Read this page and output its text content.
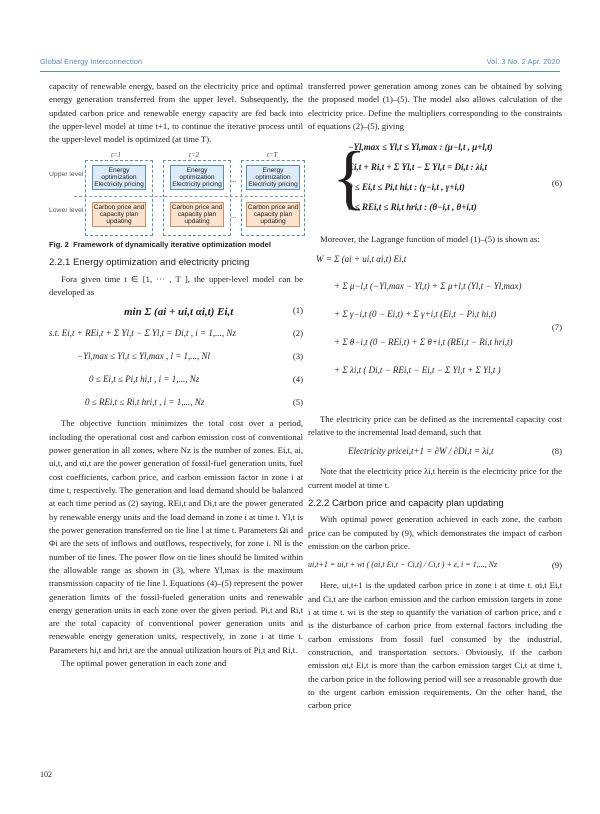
Global Energy Interconnection	Vol. 3 No. 2 Apr. 2020

capacity of renewable energy, based on the electricity price and optimal energy generation transferred from the upper level. Subsequently, the updated carbon price and renewable energy capacity are fed back into the upper-level model at time t+1, to continue the iterative process until the upper-level model is optimized (at time T).

t=1	t=2	t=T
Upper level
Lower level
Energy optimization Electricity pricing
Energy optimization Electricity pricing
Energy optimization Electricity pricing
Carbon price and capacity plan updating
Carbon price and capacity plan updating
Carbon price and capacity plan updating
...
...
Fig. 2 Framework of dynamically iterative optimization model
2.2.1 Energy optimization and electricity pricing

Fora given time t ∈ [1, ··· , T ], the upper-level model can be developed as

min Σ (ai + ui,t αi,t) Ei,t	(1)
s.t. Ei,t + REi,t + Σ Yl,t − Σ Yl,t = Di,t , i = 1,..., Nz	(2)
−Yl,max ≤ Yl,t ≤ Yl,max , l = 1,..., Nl	(3)
0 ≤ Ei,t ≤ Pi,t hi,t , i = 1,..., Nz	(4)
0 ≤ REi,t ≤ Ri,t hri,t , i = 1,..., Nz	(5)

The objective function minimizes the total cost over a period, including the operational cost and carbon emission cost of conventional power generation in all zones, where Nz is the number of zones. Ei,t, ai, ui,t, and αi,t are the power generation of fossil-fuel generation units, fuel cost coefficients, carbon price, and carbon emission factor in zone i at time t, respectively. The generation and load demand should be balanced at each time period as (2) saying. REi,t and Di,t are the power generated by renewable energy units and the load demand in zone i at time t. Yl,t is the power generation transferred on tie line l at time t. Parameters Ωi and Φi are the sets of inflows and outflows, respectively, for zone i. Nl is the number of tie lines. The power flow on tie lines should be limited within the allowable range as shown in (3), where Yl,max is the maximum transmission capacity of tie line l. Equations (4)–(5) represent the power generation limits of the fossil-fueled generation units and renewable energy generation units in each zone over the given period. Pi,t and Ri,t are the total capacity of conventional power generation units and renewable energy generation units, respectively, in zone i at time t. Parameters hi,t and hri,t are the annual utilization hours of Pi,t and Ri,t.

The optimal power generation in each zone and

transferred power generation among zones can be obtained by solving the proposed model (1)–(5). The model also allows calculation of the electricity price. Define the multipliers corresponding to the constraints of equations (2)–(5), giving

{
−Yl,max ≤ Yl,t ≤ Yl,max : (μ−l,t , μ+l,t)
Ei,t + Ri,t + Σ Yl,t − Σ Yl,t = Di,t : λi,t
0 ≤ Ei,t ≤ Pi,t hi,t : (γ−i,t , γ+i,t)
0 ≤ REi,t ≤ Ri,t hri,t : (θ−i,t , θ+i,t)
(6)

Moreover, the Lagrange function of model (1)–(5) is shown as:

W = Σ (ai + ui,t αi,t) Ei,t
+ Σ μ−l,t (−Yl,max − Yl,t) + Σ μ+l,t (Yl,t − Yl,max)
+ Σ γ−i,t (0 − Ei,t) + Σ γ+i,t (Ei,t − Pi,t hi,t)
+ Σ θ−i,t (0 − REi,t) + Σ θ+i,t (REi,t − Ri,t hri,t)
+ Σ λi,t ( Di,t − REi,t − Ei,t − Σ Yl,t + Σ Yl,t )
(7)

The electricity price can be defined as the incremental capacity cost relative to the incremental load demand, such that

Electricity pricei,t+1 = ∂W / ∂Di,t = λi,t	(8)

Note that the electricity price λi,t herein is the electricity price for the current model at time t.

2.2.2 Carbon price and capacity plan updating

With optimal power generation achieved in each zone, the carbon price can be computed by (9), which demonstrates the impact of carbon emission on the carbon price.

ui,t+1 = ui,t + wi ( (αi,t Ei,t − Ci,t) / Ci,t ) + ε, i = 1,..., Nz	(9)

Here, ui,t+1 is the updated carbon price in zone i at time t. αi,t Ei,t and Ci,t are the carbon emission and the carbon emission targets in zone i at time t. wi is the step to quantify the variation of carbon price, and ε is the disturbance of carbon price from external factors including the carbon emissions from fossil fuel consumed by the industrial, construction, and transportation sectors. Obviously, if the carbon emission αi,t Ei,t is more than the carbon emission target Ci,t at time t, the carbon price in the following period will see a reasonable growth due to the urgent carbon emission requirements. On the other hand, the carbon price

102
